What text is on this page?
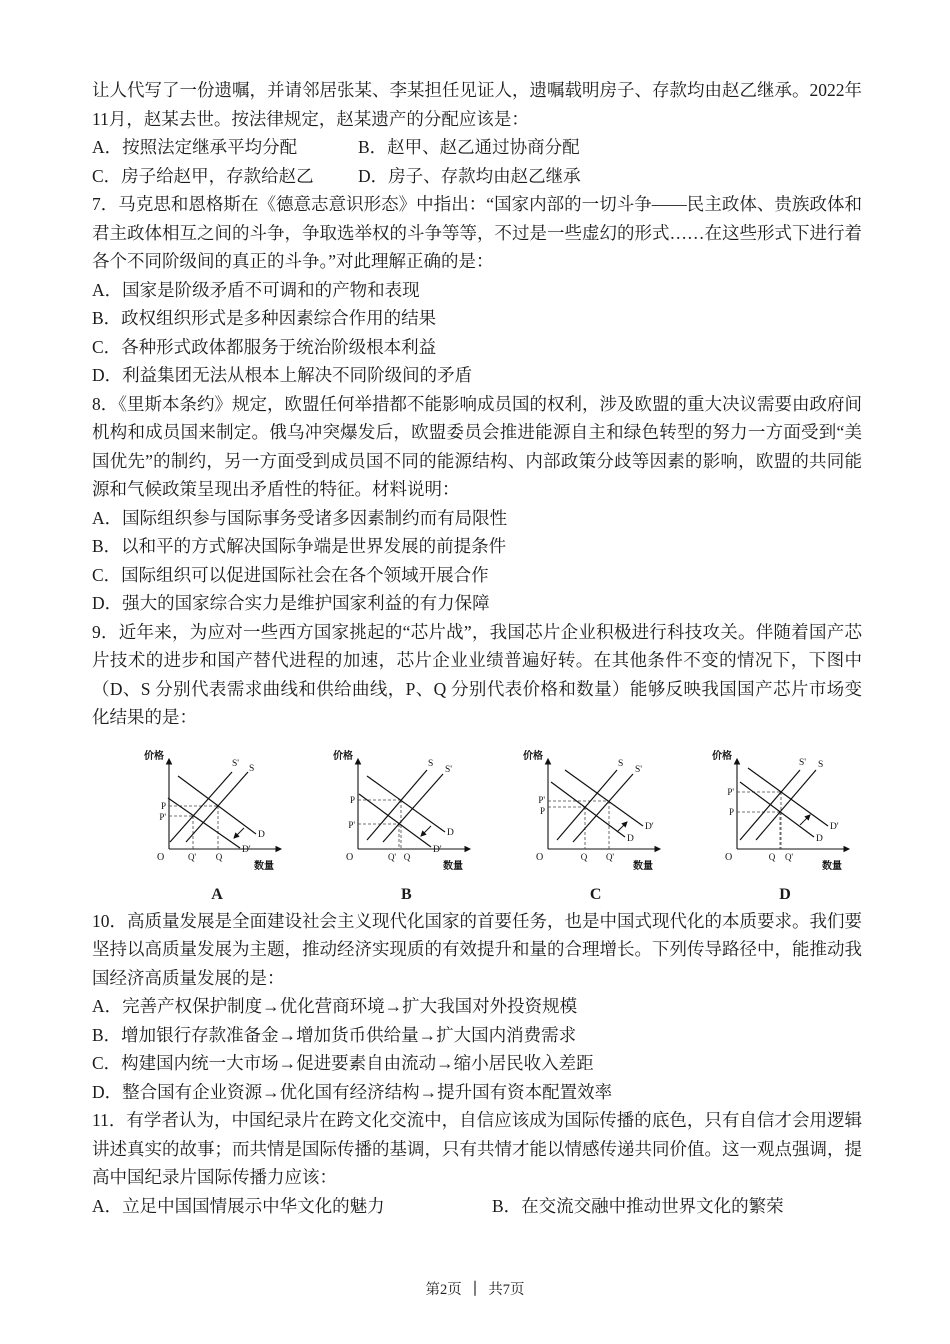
让人代写了一份遗嘱，并请邻居张某、李某担任见证人，遗嘱载明房子、存款均由赵乙继承。2022年11月，赵某去世。按法律规定，赵某遗产的分配应该是：

A．按照法定继承平均分配	B．赵甲、赵乙通过协商分配
C．房子给赵甲，存款给赵乙	D．房子、存款均由赵乙继承

7．马克思和恩格斯在《德意志意识形态》中指出：“国家内部的一切斗争——民主政体、贵族政体和君主政体相互之间的斗争，争取选举权的斗争等等，不过是一些虚幻的形式……在这些形式下进行着各个不同阶级间的真正的斗争。”对此理解正确的是：

A．国家是阶级矛盾不可调和的产物和表现
B．政权组织形式是多种因素综合作用的结果
C．各种形式政体都服务于统治阶级根本利益
D．利益集团无法从根本上解决不同阶级间的矛盾

8．《里斯本条约》规定，欧盟任何举措都不能影响成员国的权利，涉及欧盟的重大决议需要由政府间机构和成员国来制定。俄乌冲突爆发后，欧盟委员会推进能源自主和绿色转型的努力一方面受到“美国优先”的制约，另一方面受到成员国不同的能源结构、内部政策分歧等因素的影响，欧盟的共同能源和气候政策呈现出矛盾性的特征。材料说明：

A．国际组织参与国际事务受诸多因素制约而有局限性
B．以和平的方式解决国际争端是世界发展的前提条件
C．国际组织可以促进国际社会在各个领域开展合作
D．强大的国家综合实力是维护国家利益的有力保障

9．近年来，为应对一些西方国家挑起的“芯片战”，我国芯片企业积极进行科技攻关。伴随着国产芯片技术的进步和国产替代进程的加速，芯片企业业绩普遍好转。在其他条件不变的情况下，下图中（D、S 分别代表需求曲线和供给曲线，P、Q 分别代表价格和数量）能够反映我国国产芯片市场变化结果的是：

价格
数量
O
P
Q
P'
Q'
S' S
D
D'
A
价格
数量
O
P
Q
P'
Q'
S
S'
D
D'
B
价格
数量
O
P
Q
P'
Q'
S
S'
D'
D
C
价格
数量
O
P
Q
P'
Q'
S' S
D'
D
D

10．高质量发展是全面建设社会主义现代化国家的首要任务，也是中国式现代化的本质要求。我们要坚持以高质量发展为主题，推动经济实现质的有效提升和量的合理增长。下列传导路径中，能推动我国经济高质量发展的是：

A．完善产权保护制度→优化营商环境→扩大我国对外投资规模
B．增加银行存款准备金→增加货币供给量→扩大国内消费需求
C．构建国内统一大市场→促进要素自由流动→缩小居民收入差距
D．整合国有企业资源→优化国有经济结构→提升国有资本配置效率

11．有学者认为，中国纪录片在跨文化交流中，自信应该成为国际传播的底色，只有自信才会用逻辑讲述真实的故事；而共情是国际传播的基调，只有共情才能以情感传递共同价值。这一观点强调，提高中国纪录片国际传播力应该：

A．立足中国国情展示中华文化的魅力	B．在交流交融中推动世界文化的繁荣
第2页 ｜ 共7页
